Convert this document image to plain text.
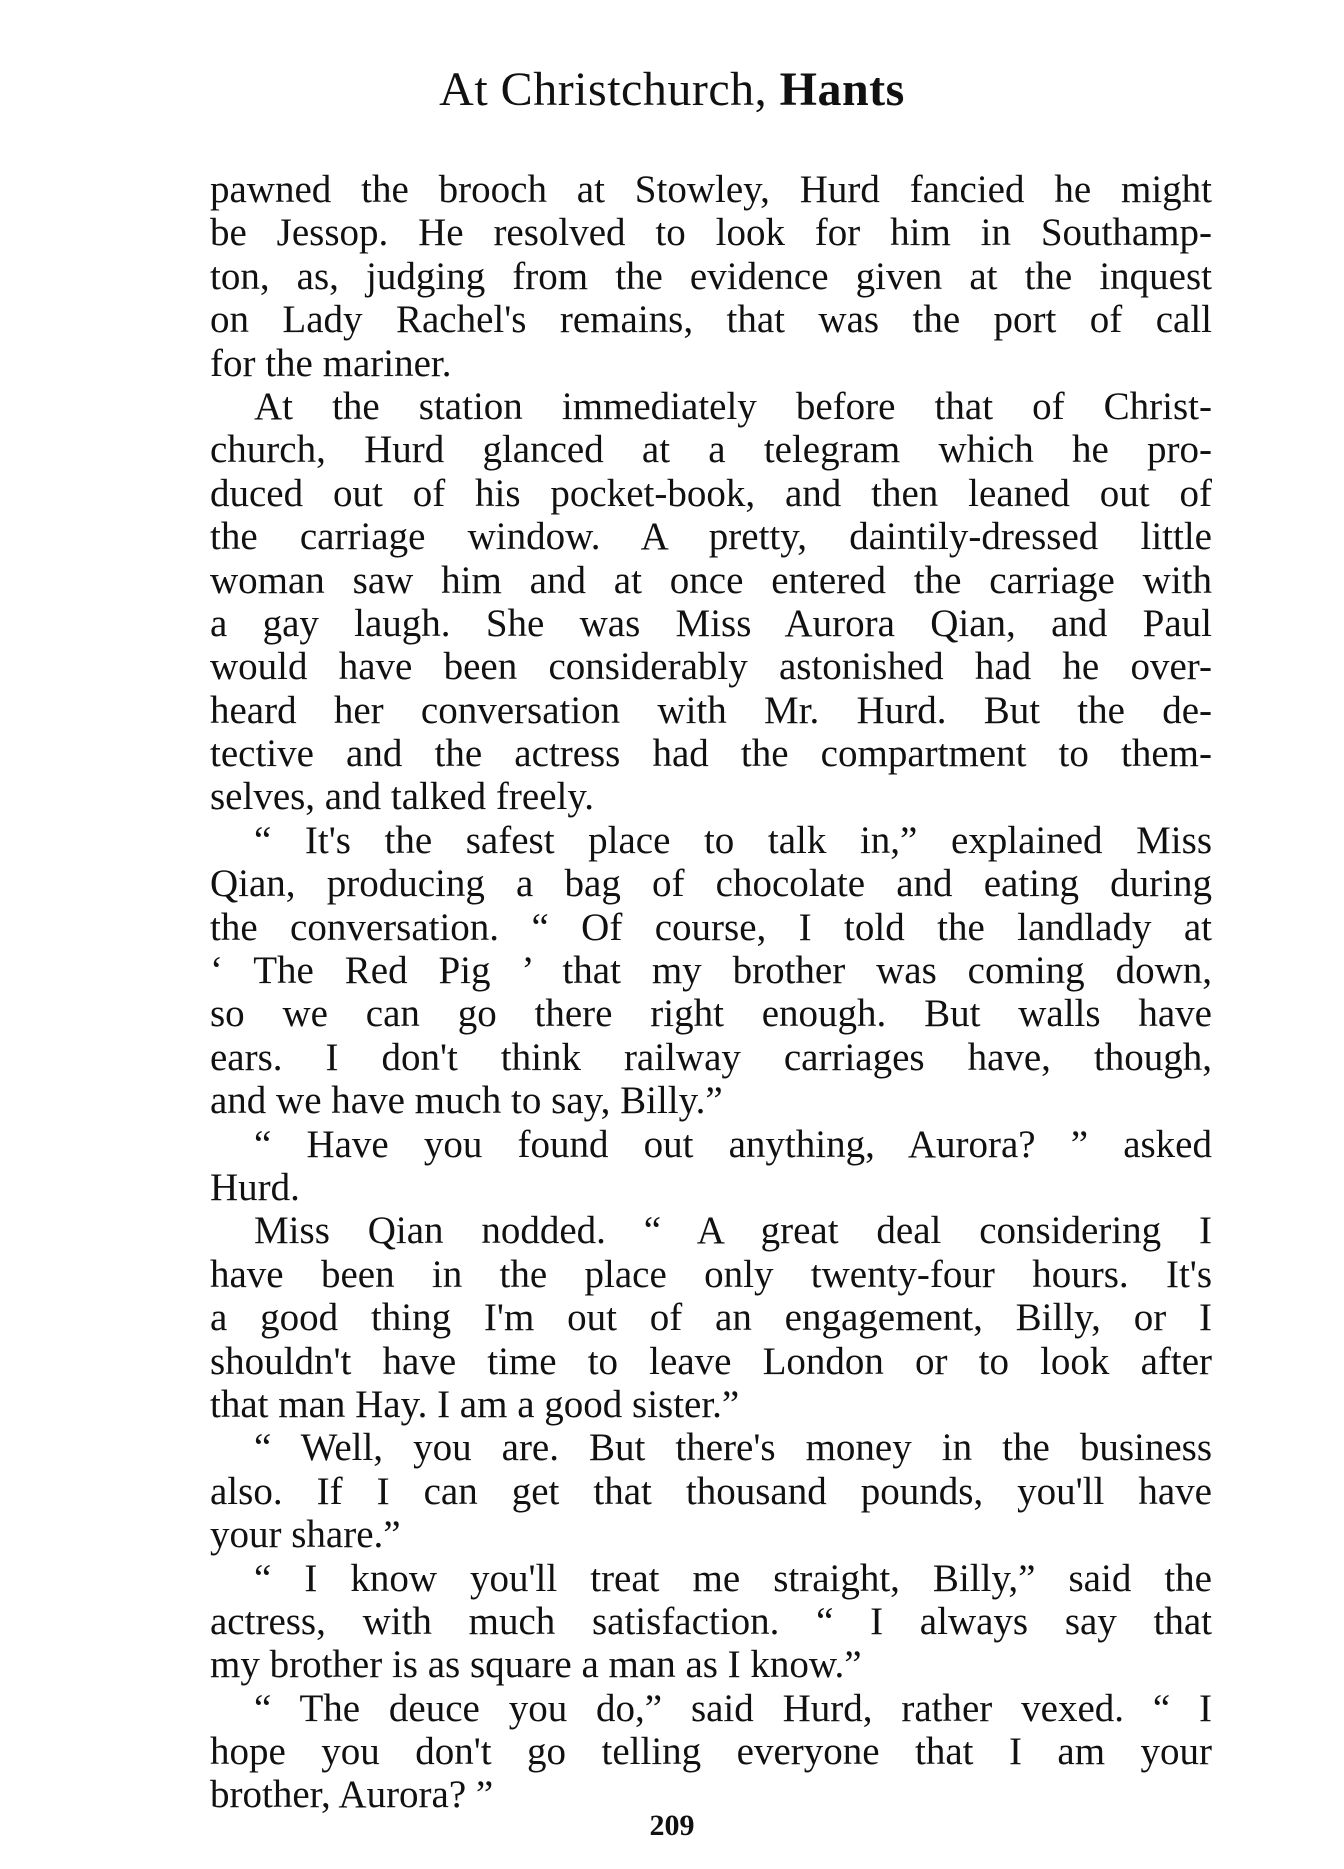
At Christchurch, Hants
pawned the brooch at Stowley, Hurd fancied he might
be Jessop. He resolved to look for him in Southamp-
ton, as, judging from the evidence given at the inquest
on Lady Rachel's remains, that was the port of call
for the mariner.
At the station immediately before that of Christ-
church, Hurd glanced at a telegram which he pro-
duced out of his pocket-book, and then leaned out of
the carriage window. A pretty, daintily-dressed little
woman saw him and at once entered the carriage with
a gay laugh. She was Miss Aurora Qian, and Paul
would have been considerably astonished had he over-
heard her conversation with Mr. Hurd. But the de-
tective and the actress had the compartment to them-
selves, and talked freely.
“ It's the safest place to talk in,” explained Miss
Qian, producing a bag of chocolate and eating during
the conversation. “ Of course, I told the landlady at
‘ The Red Pig ’ that my brother was coming down,
so we can go there right enough. But walls have
ears. I don't think railway carriages have, though,
and we have much to say, Billy.”
“ Have you found out anything, Aurora? ” asked
Hurd.
Miss Qian nodded. “ A great deal considering I
have been in the place only twenty-four hours. It's
a good thing I'm out of an engagement, Billy, or I
shouldn't have time to leave London or to look after
that man Hay. I am a good sister.”
“ Well, you are. But there's money in the business
also. If I can get that thousand pounds, you'll have
your share.”
“ I know you'll treat me straight, Billy,” said the
actress, with much satisfaction. “ I always say that
my brother is as square a man as I know.”
“ The deuce you do,” said Hurd, rather vexed. “ I
hope you don't go telling everyone that I am your
brother, Aurora? ”
209
